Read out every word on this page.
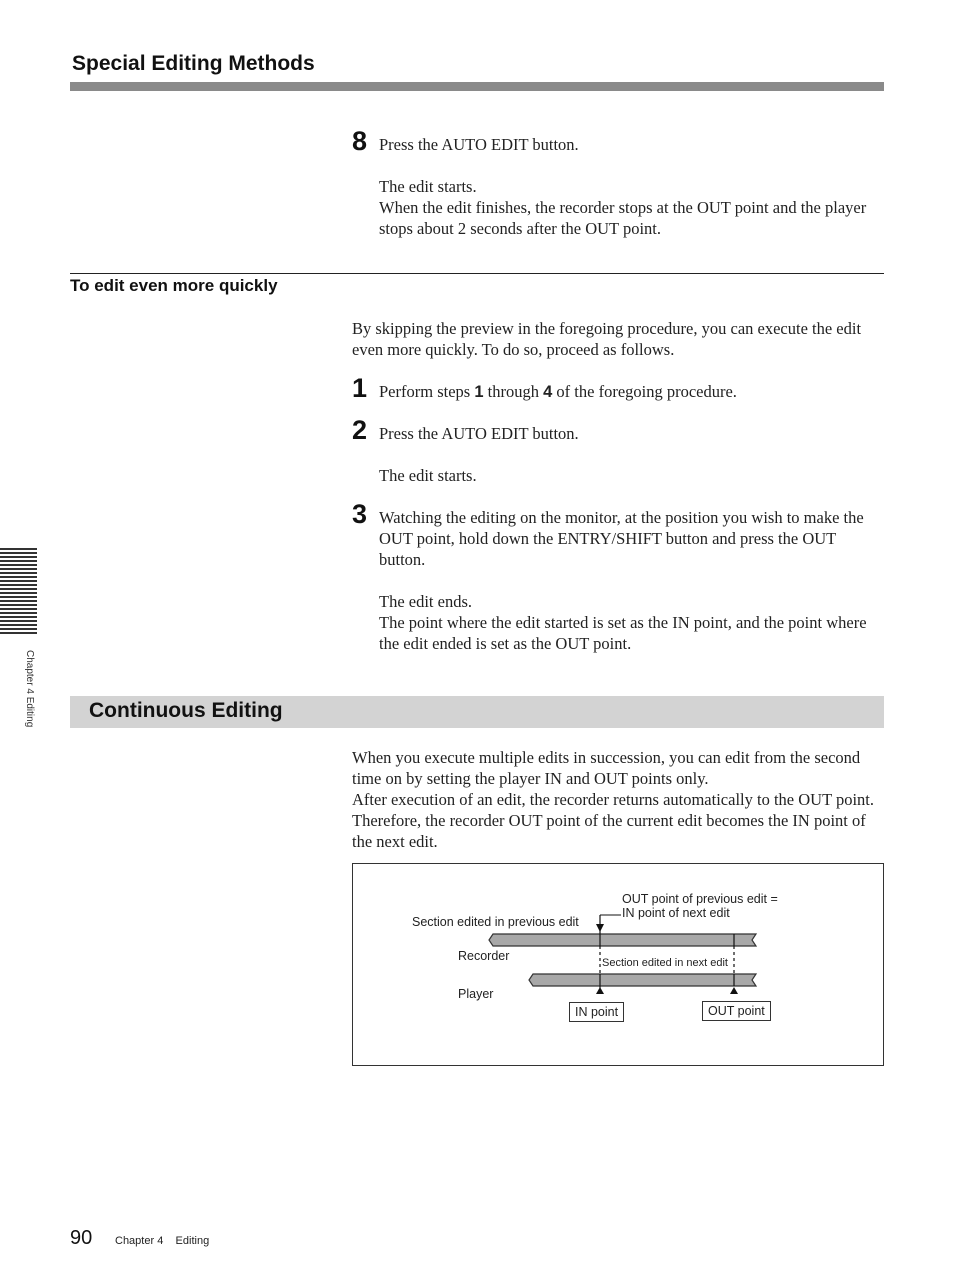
Special Editing Methods
8 Press the AUTO EDIT button.
The edit starts.
When the edit finishes, the recorder stops at the OUT point and the player stops about 2 seconds after the OUT point.
To edit even more quickly
By skipping the preview in the foregoing procedure, you can execute the edit even more quickly. To do so, proceed as follows.
1 Perform steps 1 through 4 of the foregoing procedure.
2 Press the AUTO EDIT button.
The edit starts.
3 Watching the editing on the monitor, at the position you wish to make the OUT point, hold down the ENTRY/SHIFT button and press the OUT button.
The edit ends.
The point where the edit started is set as the IN point, and the point where the edit ended is set as the OUT point.
Chapter 4 Editing	Continuous Editing
When you execute multiple edits in succession, you can edit from the second time on by setting the player IN and OUT points only.
After execution of an edit, the recorder returns automatically to the OUT point. Therefore, the recorder OUT point of the current edit becomes the IN point of the next edit.
OUT point of previous edit =
IN point of next edit
Section edited in previous edit
Recorder	Section edited in next edit
Player
IN point	OUT point
90 Chapter 4 Editing
